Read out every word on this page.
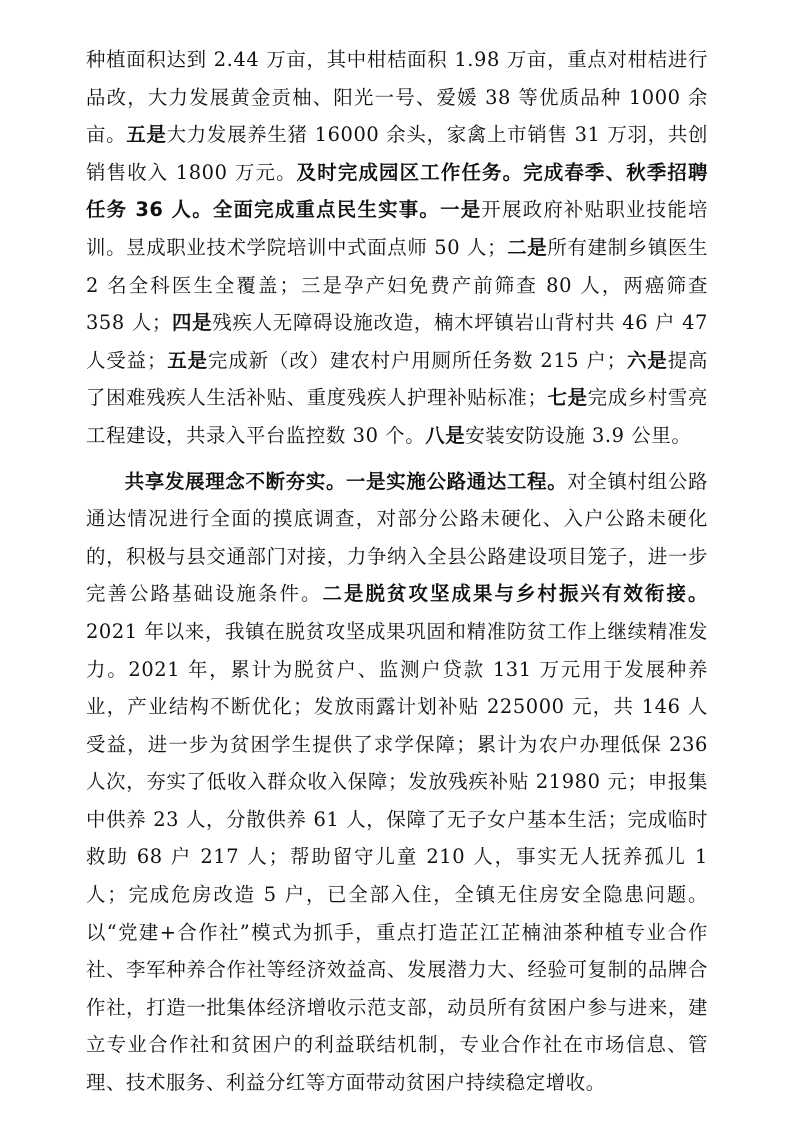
种植面积达到 2.44 万亩，其中柑桔面积 1.98 万亩，重点对柑桔进行品改，大力发展黄金贡柚、阳光一号、爱媛 38 等优质品种 1000 余亩。五是大力发展养生猪 16000 余头，家禽上市销售 31 万羽，共创销售收入 1800 万元。及时完成园区工作任务。完成春季、秋季招聘任务 36 人。全面完成重点民生实事。一是开展政府补贴职业技能培训。昱成职业技术学院培训中式面点师 50 人；二是所有建制乡镇医生 2 名全科医生全覆盖；三是孕产妇免费产前筛查 80 人，两癌筛查 358 人；四是残疾人无障碍设施改造，楠木坪镇岩山背村共 46 户 47 人受益；五是完成新（改）建农村户用厕所任务数 215 户；六是提高了困难残疾人生活补贴、重度残疾人护理补贴标准；七是完成乡村雪亮工程建设，共录入平台监控数 30 个。八是安装安防设施 3.9 公里。

共享发展理念不断夯实。一是实施公路通达工程。对全镇村组公路通达情况进行全面的摸底调查，对部分公路未硬化、入户公路未硬化的，积极与县交通部门对接，力争纳入全县公路建设项目笼子，进一步完善公路基础设施条件。二是脱贫攻坚成果与乡村振兴有效衔接。2021 年以来，我镇在脱贫攻坚成果巩固和精准防贫工作上继续精准发力。2021 年，累计为脱贫户、监测户贷款 131 万元用于发展种养业，产业结构不断优化；发放雨露计划补贴 225000 元，共 146 人受益，进一步为贫困学生提供了求学保障；累计为农户办理低保 236 人次，夯实了低收入群众收入保障；发放残疾补贴 21980 元；申报集中供养 23 人，分散供养 61 人，保障了无子女户基本生活；完成临时救助 68 户 217 人；帮助留守儿童 210 人，事实无人抚养孤儿 1 人；完成危房改造 5 户，已全部入住，全镇无住房安全隐患问题。以“党建+合作社”模式为抓手，重点打造芷江芷楠油茶种植专业合作社、李军种养合作社等经济效益高、发展潜力大、经验可复制的品牌合作社，打造一批集体经济增收示范支部，动员所有贫困户参与进来，建立专业合作社和贫困户的利益联结机制，专业合作社在市场信息、管理、技术服务、利益分红等方面带动贫困户持续稳定增收。
